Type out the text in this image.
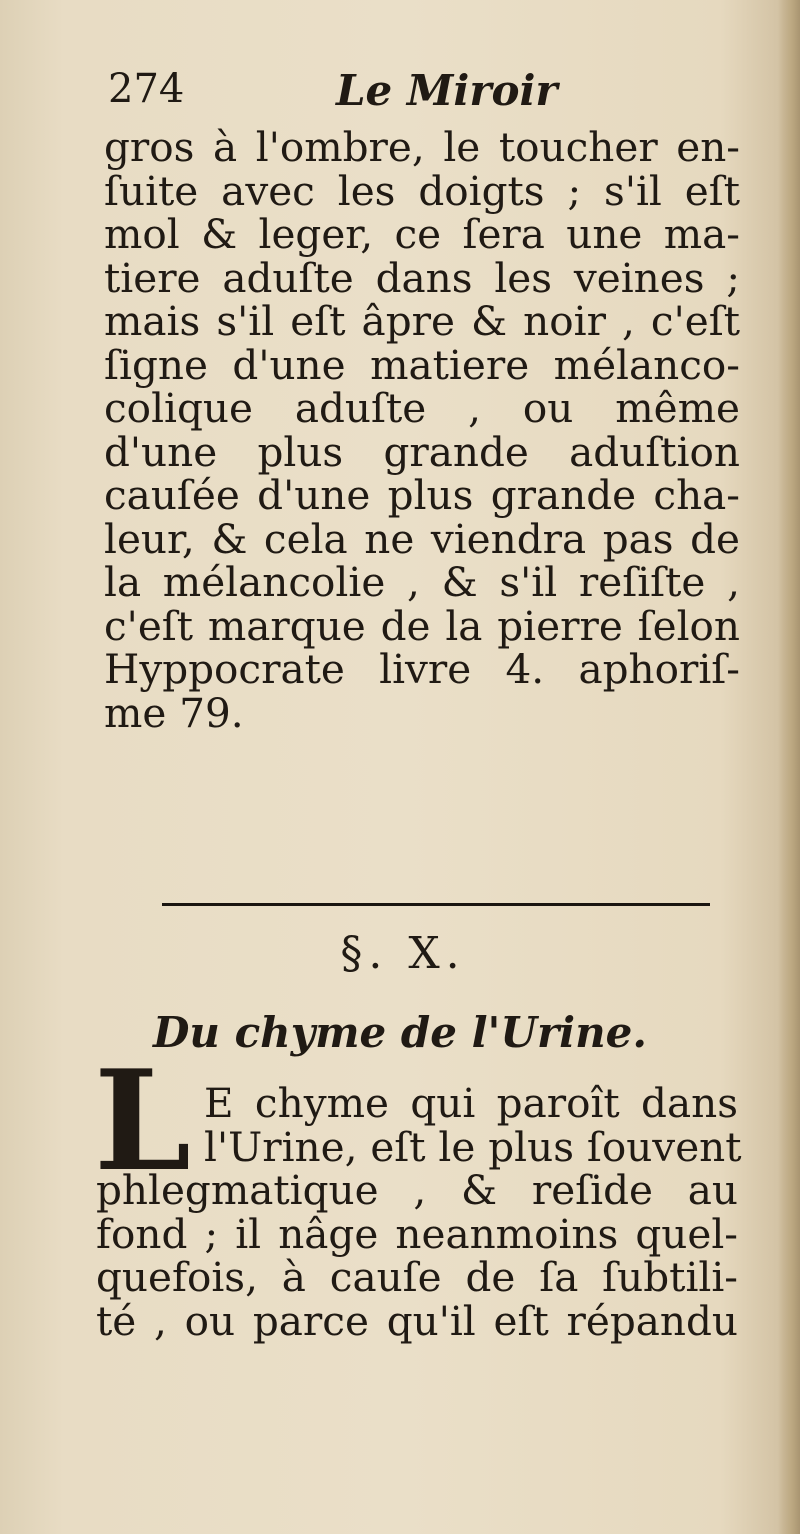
274	Le Miroir
gros à l'ombre, le toucher en-
ſuite avec les doigts ; s'il eſt
mol & leger, ce ſera une ma-
tiere aduſte dans les veines ;
mais s'il eſt âpre & noir , c'eſt
ſigne d'une matiere mélanco-
colique aduſte , ou même
d'une plus grande aduſtion
cauſée d'une plus grande cha-
leur, & cela ne viendra pas de
la mélancolie , & s'il reſiſte ,
c'eſt marque de la pierre ſelon
Hyppocrate livre 4. aphoriſ-
me 79.
§. X.
Du chyme de l'Urine.
L E chyme qui paroît dans
l'Urine, eſt le plus ſouvent
phlegmatique , & reſide au
fond ; il nâge neanmoins quel-
quefois, à cauſe de ſa ſubtili-
té , ou parce qu'il eſt répandu
